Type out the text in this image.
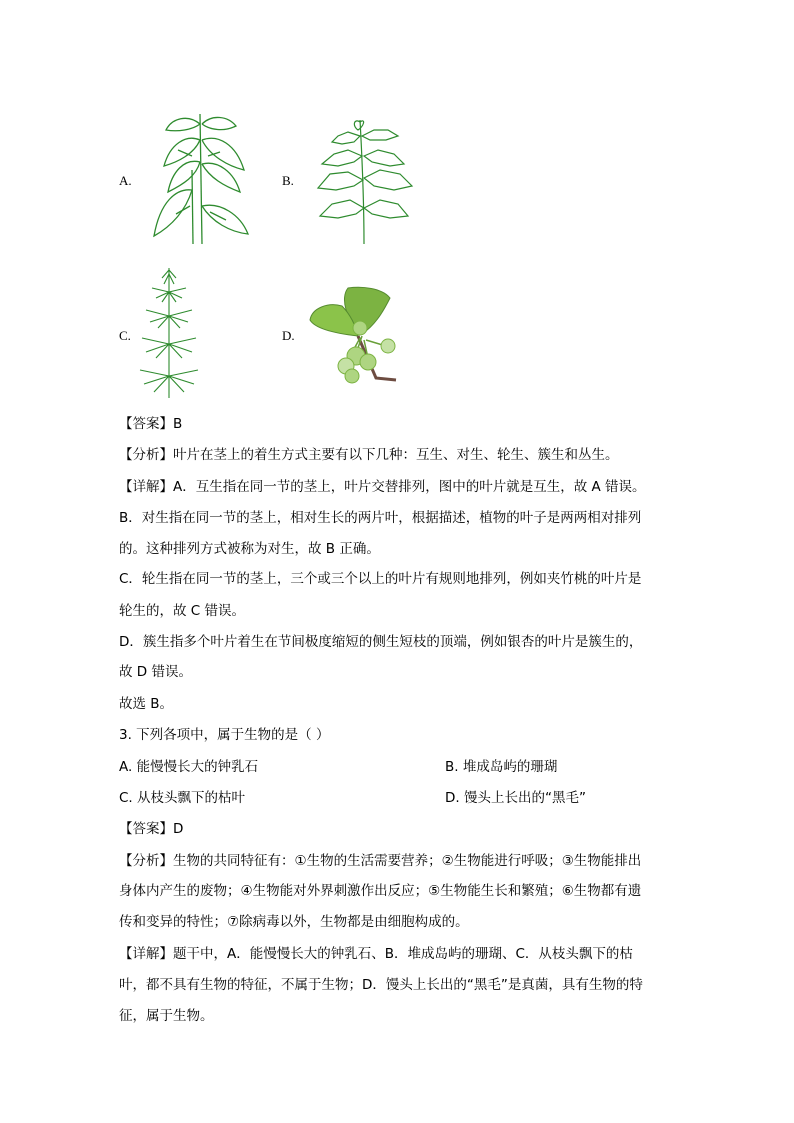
A.	B.
C.	D.
【答案】B
【分析】叶片在茎上的着生方式主要有以下几种：互生、对生、轮生、簇生和丛生。
【详解】A．互生指在同一节的茎上，叶片交替排列，图中的叶片就是互生，故 A 错误。
B．对生指在同一节的茎上，相对生长的两片叶，根据描述，植物的叶子是两两相对排列
的。这种排列方式被称为对生，故 B 正确。
C．轮生指在同一节的茎上，三个或三个以上的叶片有规则地排列，例如夹竹桃的叶片是
轮生的，故 C 错误。
D．簇生指多个叶片着生在节间极度缩短的侧生短枝的顶端，例如银杏的叶片是簇生的，
故 D 错误。
故选 B。
3. 下列各项中，属于生物的是（ ）
A. 能慢慢长大的钟乳石	B. 堆成岛屿的珊瑚
C. 从枝头飘下的枯叶	D. 馒头上长出的“黑毛”
【答案】D
【分析】生物的共同特征有：①生物的生活需要营养；②生物能进行呼吸；③生物能排出
身体内产生的废物；④生物能对外界刺激作出反应；⑤生物能生长和繁殖；⑥生物都有遗
传和变异的特性；⑦除病毒以外，生物都是由细胞构成的。
【详解】题干中，A．能慢慢长大的钟乳石、B．堆成岛屿的珊瑚、C．从枝头飘下的枯
叶，都不具有生物的特征，不属于生物；D．馒头上长出的“黑毛”是真菌，具有生物的特
征，属于生物。
